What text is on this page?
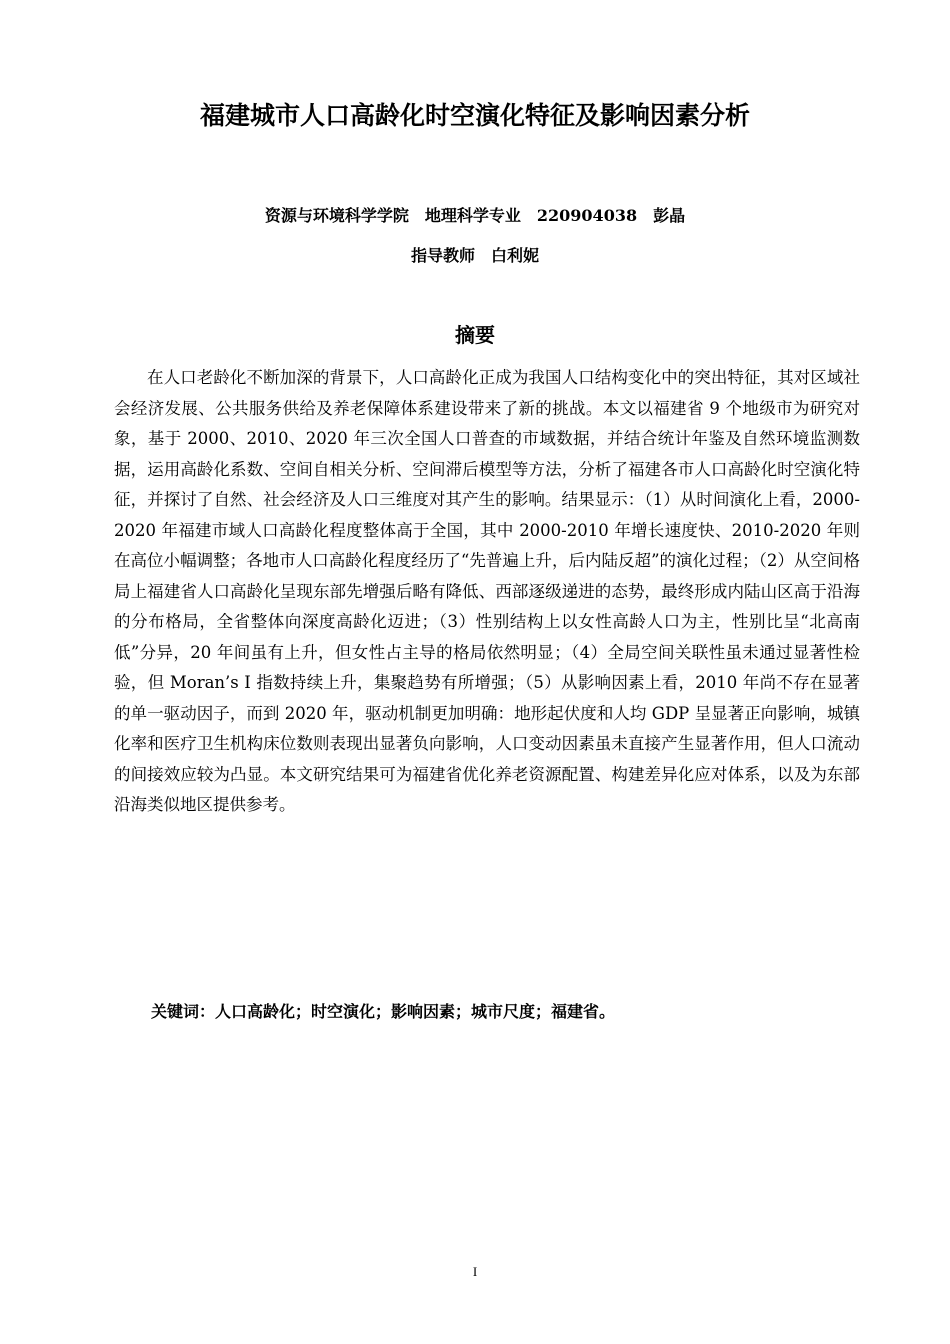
福建城市人口高龄化时空演化特征及影响因素分析
资源与环境科学学院　地理科学专业　220904038　彭晶
指导教师　白利妮
摘要

在人口老龄化不断加深的背景下，人口高龄化正成为我国人口结构变化中的突出特征，其对区域社会经济发展、公共服务供给及养老保障体系建设带来了新的挑战。本文以福建省 9 个地级市为研究对象，基于 2000、2010、2020 年三次全国人口普查的市域数据，并结合统计年鉴及自然环境监测数据，运用高龄化系数、空间自相关分析、空间滞后模型等方法，分析了福建各市人口高龄化时空演化特征，并探讨了自然、社会经济及人口三维度对其产生的影响。结果显示：（1）从时间演化上看，2000-2020 年福建市域人口高龄化程度整体高于全国，其中 2000-2010 年增长速度快、2010-2020 年则在高位小幅调整；各地市人口高龄化程度经历了“先普遍上升，后内陆反超”的演化过程；（2）从空间格局上福建省人口高龄化呈现东部先增强后略有降低、西部逐级递进的态势，最终形成内陆山区高于沿海的分布格局，全省整体向深度高龄化迈进；（3）性别结构上以女性高龄人口为主，性别比呈“北高南低”分异，20 年间虽有上升，但女性占主导的格局依然明显；（4）全局空间关联性虽未通过显著性检验，但 Moran’s I 指数持续上升，集聚趋势有所增强；（5）从影响因素上看，2010 年尚不存在显著的单一驱动因子，而到 2020 年，驱动机制更加明确：地形起伏度和人均 GDP 呈显著正向影响，城镇化率和医疗卫生机构床位数则表现出显著负向影响，人口变动因素虽未直接产生显著作用，但人口流动的间接效应较为凸显。本文研究结果可为福建省优化养老资源配置、构建差异化应对体系，以及为东部沿海类似地区提供参考。

关键词：人口高龄化；时空演化；影响因素；城市尺度；福建省。
I
